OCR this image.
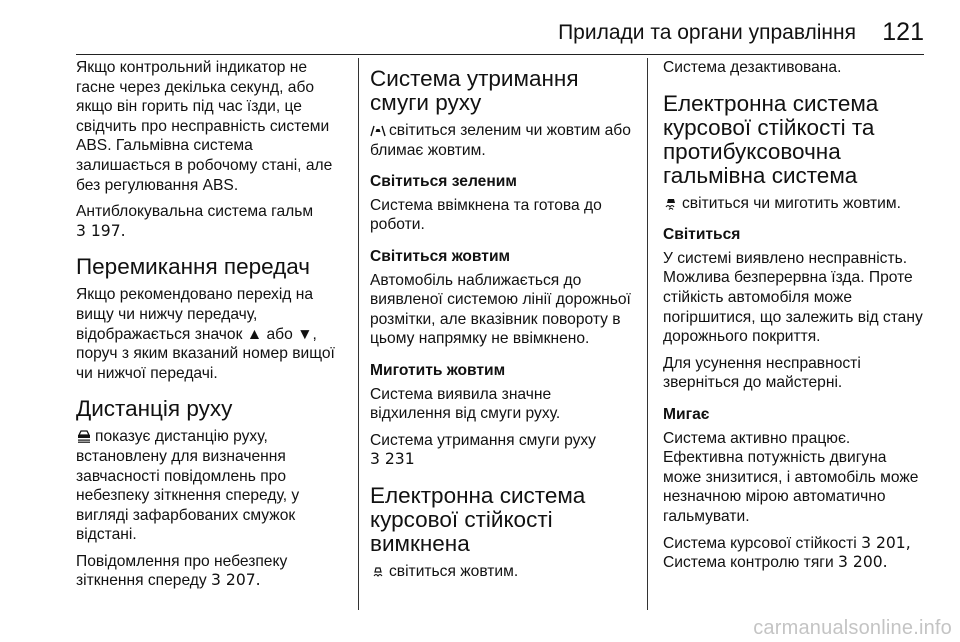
Прилади та органи управління 121

Якщо контрольний індикатор не гасне через декілька секунд, або якщо він горить під час їзди, це свідчить про несправність системи ABS. Гальмівна система залишається в робочому стані, але без регулювання ABS.

Антиблокувальна система гальм
3 197.

Перемикання передач

Якщо рекомендовано перехід на вищу чи нижчу передачу, відображається значок ▲ або ▼, поруч з яким вказаний номер вищої чи нижчої передачі.

Дистанція руху

показує дистанцію руху, встановлену для визначення завчасності повідомлень про небезпеку зіткнення спереду, у вигляді зафарбованих смужок відстані.

Повідомлення про небезпеку зіткнення спереду 3 207.

Система утримання смуги руху

світиться зеленим чи жовтим або блимає жовтим.

Світиться зеленим

Система ввімкнена та готова до роботи.

Світиться жовтим

Автомобіль наближається до виявленої системою лінії дорожньої розмітки, але вказівник повороту в цьому напрямку не ввімкнено.

Миготить жовтим

Система виявила значне відхилення від смуги руху.

Система утримання смуги руху
3 231

Електронна система курсової стійкості вимкнена

світиться жовтим.

Система дезактивована.

Електронна система курсової стійкості та протибуксовочна гальмівна система

світиться чи миготить жовтим.

Світиться

У системі виявлено несправність. Можлива безперервна їзда. Проте стійкість автомобіля може погіршитися, що залежить від стану дорожнього покриття.

Для усунення несправності зверніться до майстерні.

Мигає

Система активно працює. Ефективна потужність двигуна може знизитися, і автомобіль може незначною мірою автоматично гальмувати.

Система курсової стійкості 3 201,
Система контролю тяги 3 200.

carmanualsonline.info
